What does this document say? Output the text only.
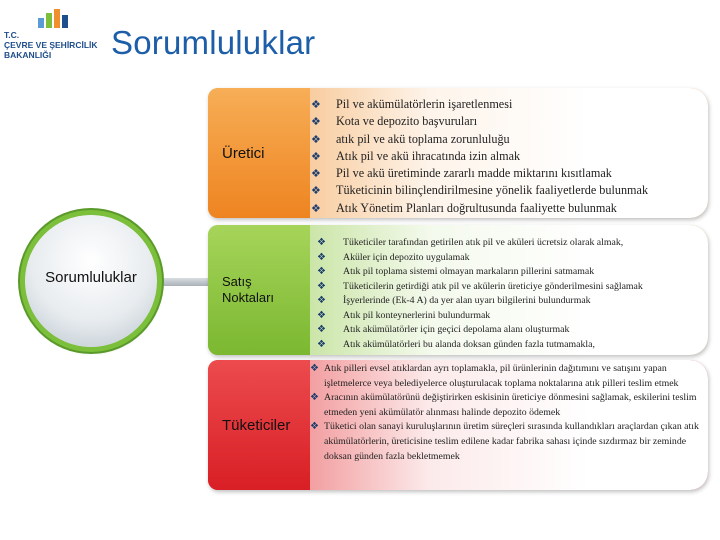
T.C.
ÇEVRE VE ŞEHİRCİLİK
BAKANLIĞI	Sorumluluklar
Sorumluluklar
Üretici
Satış
Noktaları
Tüketiciler
❖ Pil ve akümülatörlerin işaretlenmesi
❖ Kota ve depozito başvuruları
❖ atık pil ve akü toplama zorunluluğu
❖ Atık pil ve akü ihracatında izin almak
❖ Pil ve akü üretiminde zararlı madde miktarını kısıtlamak
❖ Tüketicinin bilinçlendirilmesine yönelik faaliyetlerde bulunmak
❖ Atık Yönetim Planları doğrultusunda faaliyette bulunmak
❖ Tüketiciler tarafından getirilen atık pil ve aküleri ücretsiz olarak almak,
❖ Aküler için depozito uygulamak
❖ Atık pil toplama sistemi olmayan markaların pillerini satmamak
❖ Tüketicilerin getirdiği atık pil ve akülerin üreticiye gönderilmesini sağlamak
❖ İşyerlerinde (Ek-4 A) da yer alan uyarı bilgilerini bulundurmak
❖ Atık pil konteynerlerini bulundurmak
❖ Atık akümülatörler için geçici depolama alanı oluşturmak
❖ Atık akümülatörleri bu alanda doksan günden fazla tutmamakla,
❖ Atık pilleri evsel atıklardan ayrı toplamakla, pil ürünlerinin dağıtımını ve satışını yapan işletmelerce veya belediyelerce oluşturulacak toplama noktalarına atık pilleri teslim etmek
❖ Aracının akümülatörünü değiştirirken eskisinin üreticiye dönmesini sağlamak, eskilerini teslim etmeden yeni akümülatör alınması halinde depozito ödemek
❖ Tüketici olan sanayi kuruluşlarının üretim süreçleri sırasında kullandıkları araçlardan çıkan atık akümülatörlerin, üreticisine teslim edilene kadar fabrika sahası içinde sızdırmaz bir zeminde doksan günden fazla bekletmemek
